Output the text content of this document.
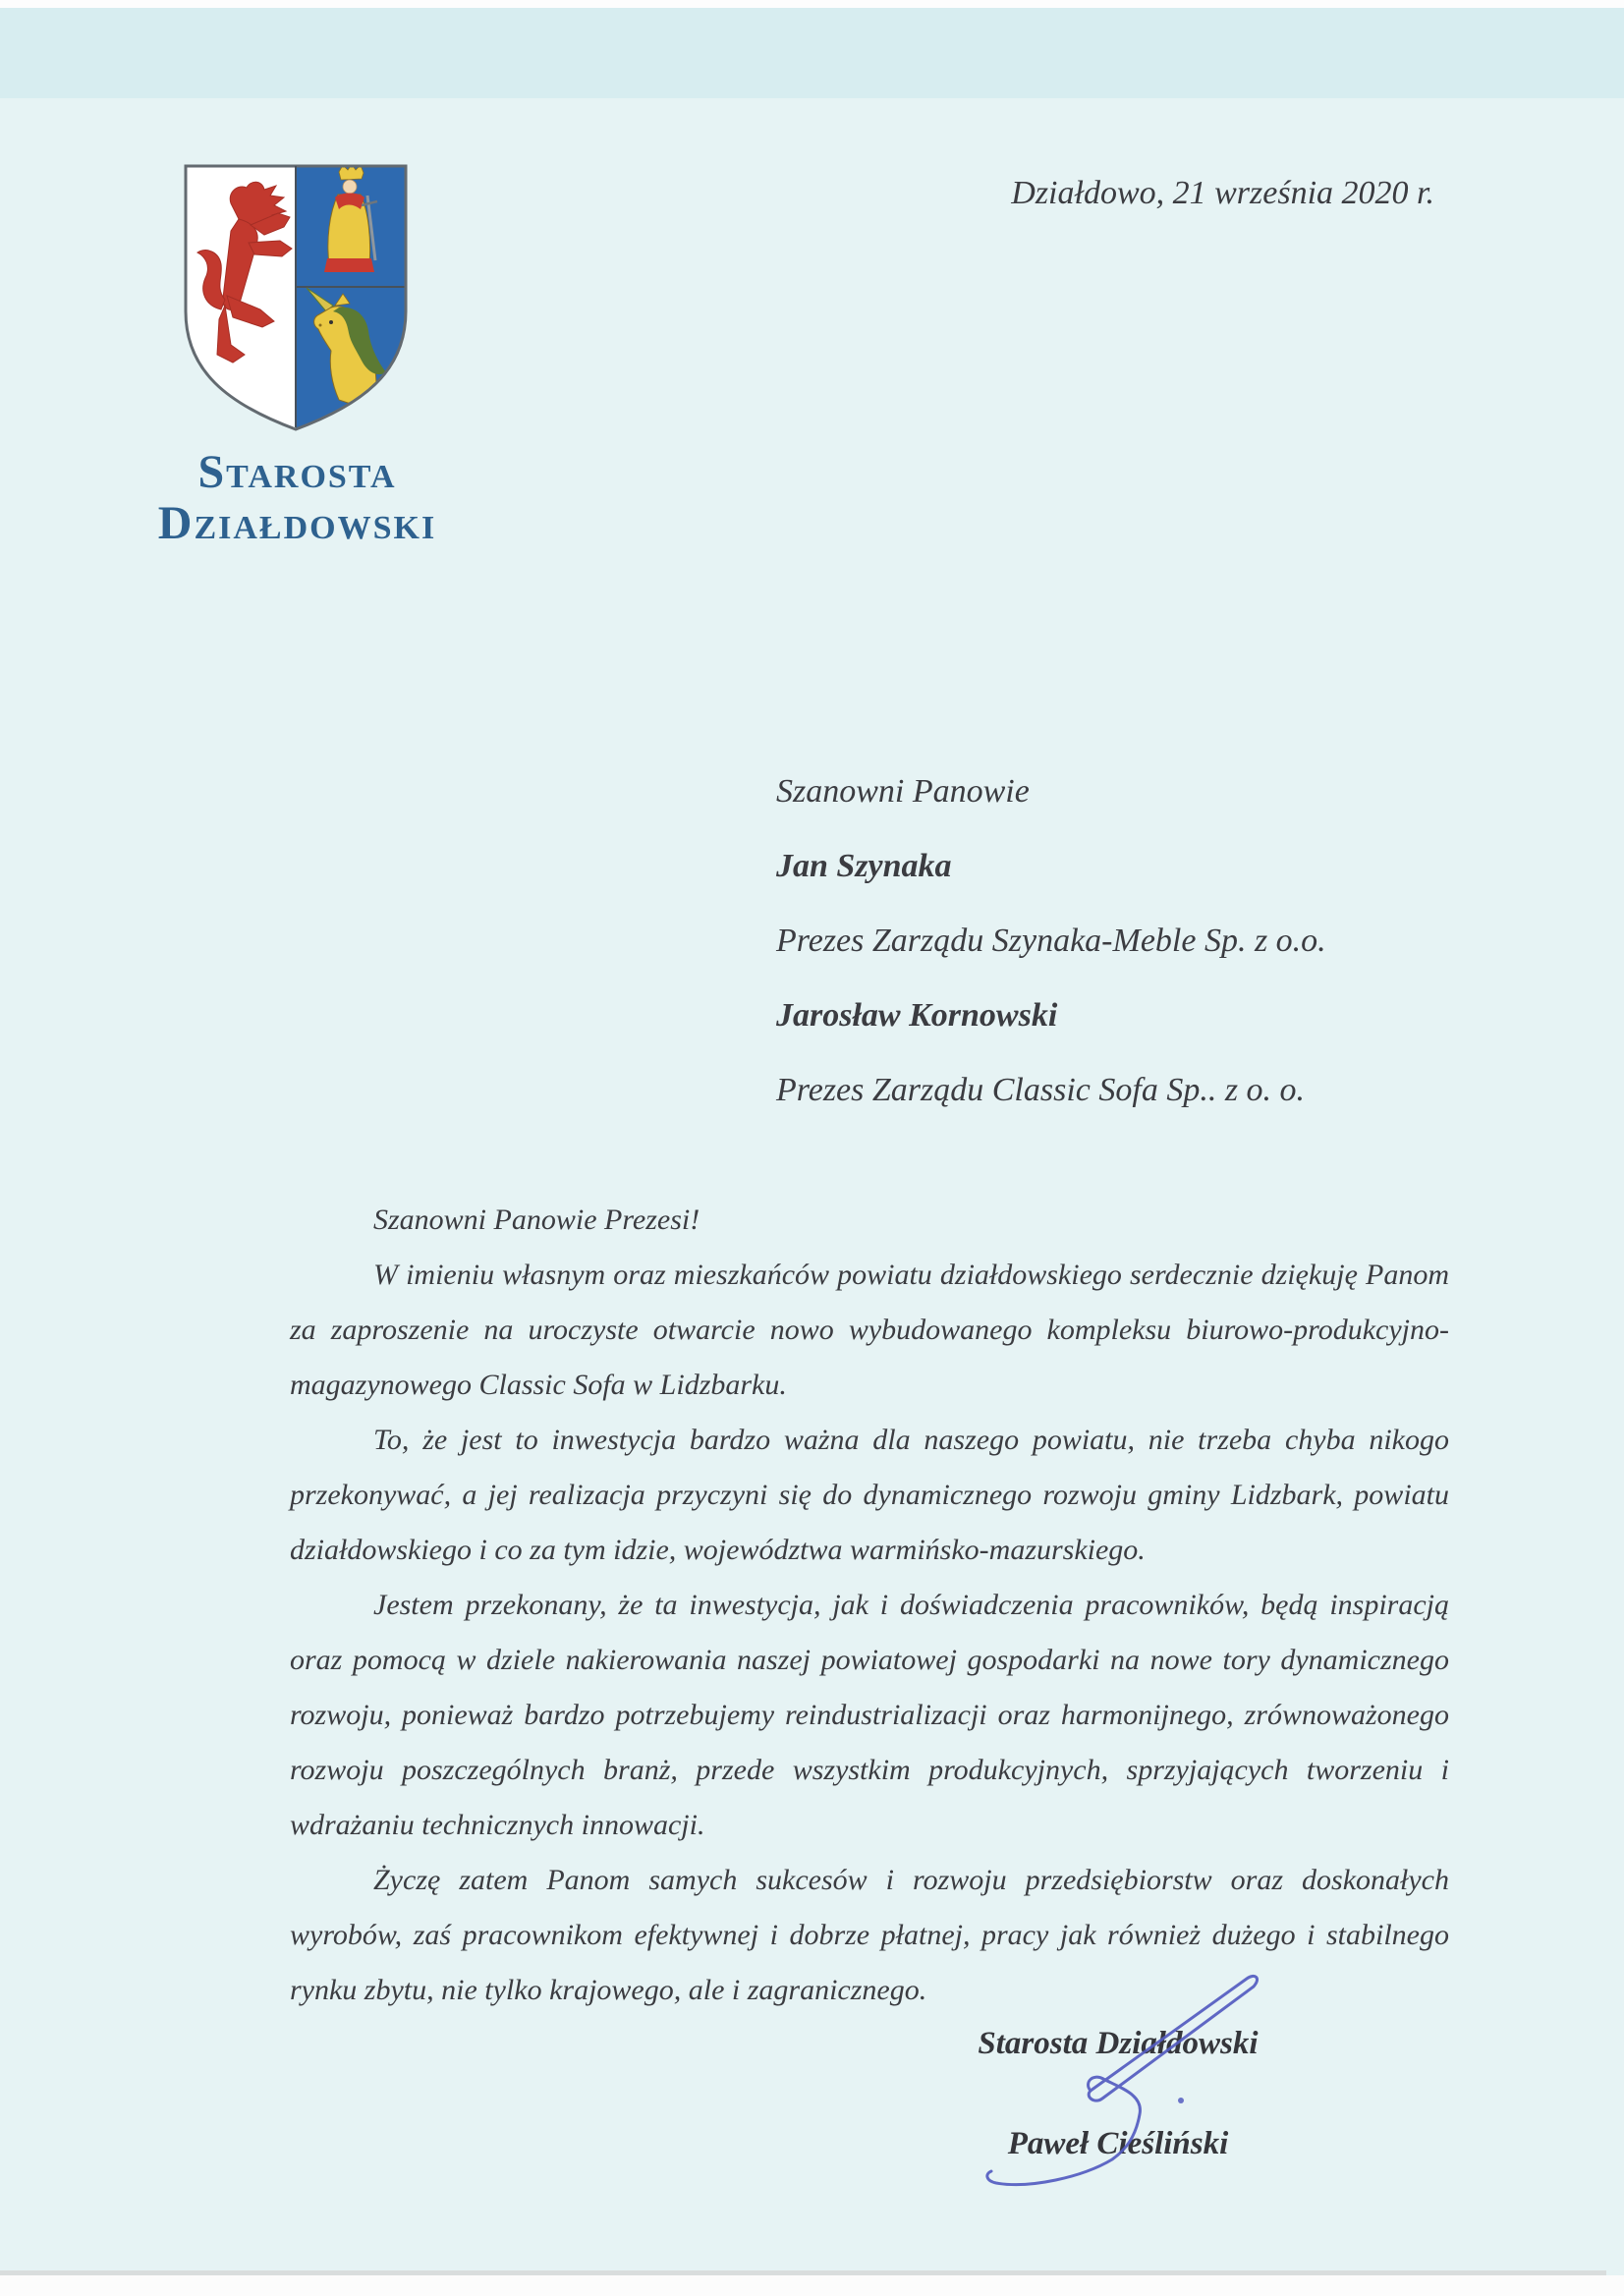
Starosta
Działdowski
Działdowo, 21 września 2020 r.
Szanowni Panowie
Jan Szynaka
Prezes Zarządu Szynaka-Meble Sp. z o.o.
Jarosław Kornowski
Prezes Zarządu Classic Sofa Sp.. z o. o.

Szanowni Panowie Prezesi!

W imieniu własnym oraz mieszkańców powiatu działdowskiego serdecznie dziękuję Panom za zaproszenie na uroczyste otwarcie nowo wybudowanego kompleksu biurowo-produkcyjno-magazynowego Classic Sofa w Lidzbarku.

To, że jest to inwestycja bardzo ważna dla naszego powiatu, nie trzeba chyba nikogo przekonywać, a jej realizacja przyczyni się do dynamicznego rozwoju gminy Lidzbark, powiatu działdowskiego i co za tym idzie, województwa warmińsko-mazurskiego.

Jestem przekonany, że ta inwestycja, jak i doświadczenia pracowników, będą inspiracją oraz pomocą w dziele nakierowania naszej powiatowej gospodarki na nowe tory dynamicznego rozwoju, ponieważ bardzo potrzebujemy reindustrializacji oraz harmonijnego, zrównoważonego rozwoju poszczególnych branż, przede wszystkim produkcyjnych, sprzyjających tworzeniu i wdrażaniu technicznych innowacji.

Życzę zatem Panom samych sukcesów i rozwoju przedsiębiorstw oraz doskonałych wyrobów, zaś pracownikom efektywnej i dobrze płatnej, pracy jak również dużego i stabilnego rynku zbytu, nie tylko krajowego, ale i zagranicznego.

Starosta Działdowski
Paweł Cieśliński
